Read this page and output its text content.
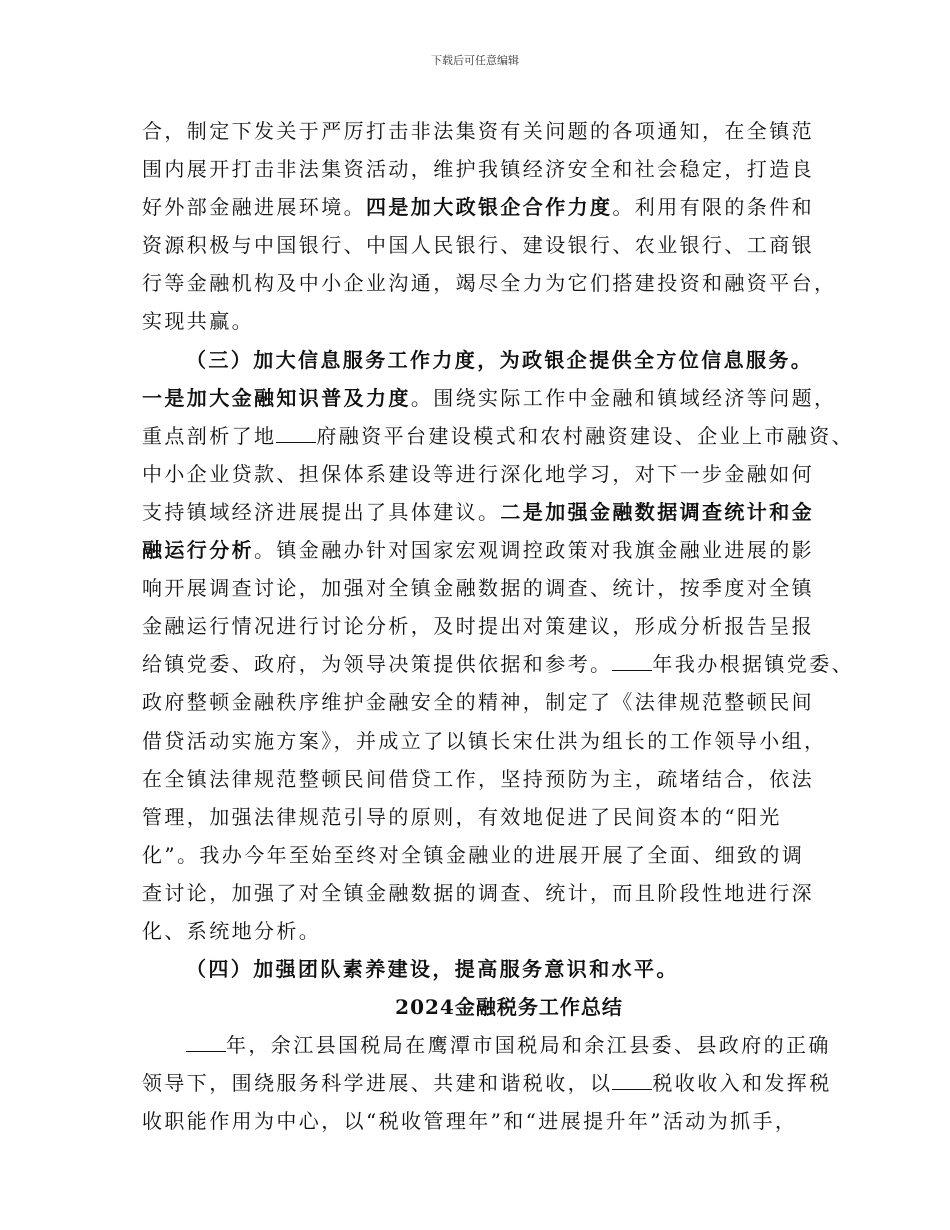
下载后可任意编辑
合，制定下发关于严厉打击非法集资有关问题的各项通知，在全镇范
围内展开打击非法集资活动，维护我镇经济安全和社会稳定，打造良
好外部金融进展环境。四是加大政银企合作力度。利用有限的条件和
资源积极与中国银行、中国人民银行、建设银行、农业银行、工商银
行等金融机构及中小企业沟通，竭尽全力为它们搭建投资和融资平台，
实现共赢。
（三）加大信息服务工作力度，为政银企提供全方位信息服务。
一是加大金融知识普及力度。围绕实际工作中金融和镇域经济等问题，
重点剖析了地 府融资平台建设模式和农村融资建设、企业上市融资、
中小企业贷款、担保体系建设等进行深化地学习，对下一步金融如何
支持镇域经济进展提出了具体建议。二是加强金融数据调查统计和金
融运行分析。镇金融办针对国家宏观调控政策对我旗金融业进展的影
响开展调查讨论，加强对全镇金融数据的调查、统计，按季度对全镇
金融运行情况进行讨论分析，及时提出对策建议，形成分析报告呈报
给镇党委、政府，为领导决策提供依据和参考。 年我办根据镇党委、
政府整顿金融秩序维护金融安全的精神，制定了《法律规范整顿民间
借贷活动实施方案》，并成立了以镇长宋仕洪为组长的工作领导小组，
在全镇法律规范整顿民间借贷工作，坚持预防为主，疏堵结合，依法
管理，加强法律规范引导的原则，有效地促进了民间资本的“阳光
化”。我办今年至始至终对全镇金融业的进展开展了全面、细致的调
查讨论，加强了对全镇金融数据的调查、统计，而且阶段性地进行深
化、系统地分析。
（四）加强团队素养建设，提高服务意识和水平。
2024金融税务工作总结
年，余江县国税局在鹰潭市国税局和余江县委、县政府的正确
领导下，围绕服务科学进展、共建和谐税收，以 税收收入和发挥税
收职能作用为中心，以“税收管理年”和“进展提升年”活动为抓手，
